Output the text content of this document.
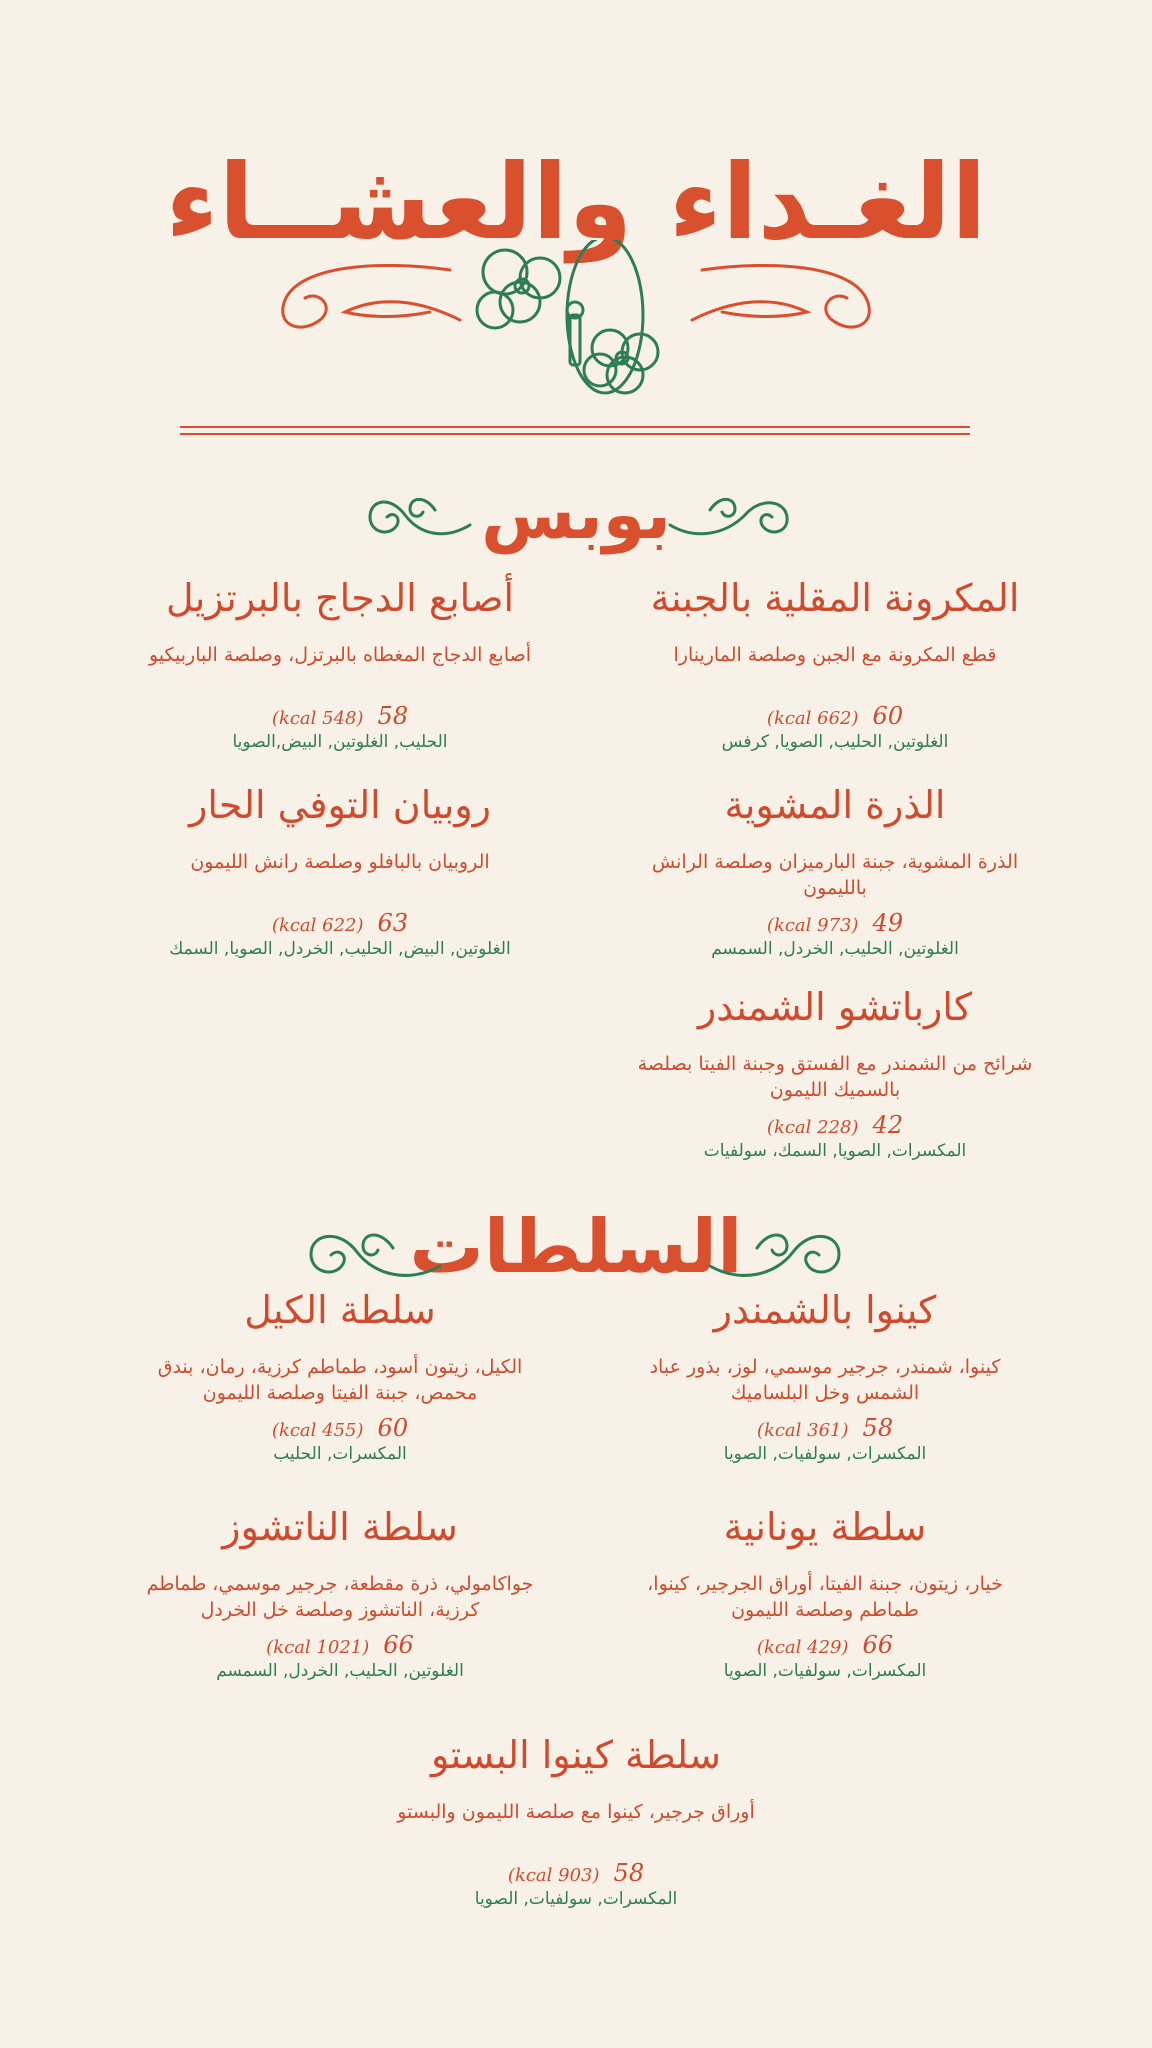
الغـداء والعشــاء
بوبس
المكرونة المقلية بالجبنة
قطع المكرونة مع الجبن وصلصة المارينارا
60(662 kcal)
الغلوتين, الحليب, الصويا, كرفس
أصابع الدجاج بالبرتزيل
أصابع الدجاج المغطاه بالبرتزل، وصلصة الباربيكيو
58(548 kcal)
الحليب, الغلوتين, البيض,الصويا
الذرة المشوية
الذرة المشوية، جبنة البارميزان وصلصة الرانش بالليمون
49(973 kcal)
الغلوتين, الحليب, الخردل, السمسم
روبيان التوفي الحار
الروبيان بالبافلو وصلصة رانش الليمون
63(622 kcal)
الغلوتين, البيض, الحليب, الخردل, الصويا, السمك
كارباتشو الشمندر
شرائح من الشمندر مع الفستق وجبنة الفيتا بصلصة بالسميك الليمون
42(228 kcal)
المكسرات, الصويا, السمك، سولفيات
السلطات
كينوا بالشمندر
كينوا، شمندر، جرجير موسمي، لوز، بذور عباد الشمس وخل البلساميك
58(361 kcal)
المكسرات, سولفيات, الصويا
سلطة الكيل
الكيل، زيتون أسود، طماطم كرزية، رمان، بندق محمص، جبنة الفيتا وصلصة الليمون
60(455 kcal)
المكسرات, الحليب
سلطة يونانية
خيار، زيتون، جبنة الفيتا، أوراق الجرجير، كينوا، طماطم وصلصة الليمون
66(429 kcal)
المكسرات, سولفيات, الصويا
سلطة الناتشوز
جواكامولي، ذرة مقطعة، جرجير موسمي، طماطم كرزية، الناتشوز وصلصة خل الخردل
66(1021 kcal)
الغلوتين, الحليب, الخردل, السمسم
سلطة كينوا البستو
أوراق جرجير، كينوا مع صلصة الليمون والبستو
58(903 kcal)
المكسرات, سولفيات, الصويا
